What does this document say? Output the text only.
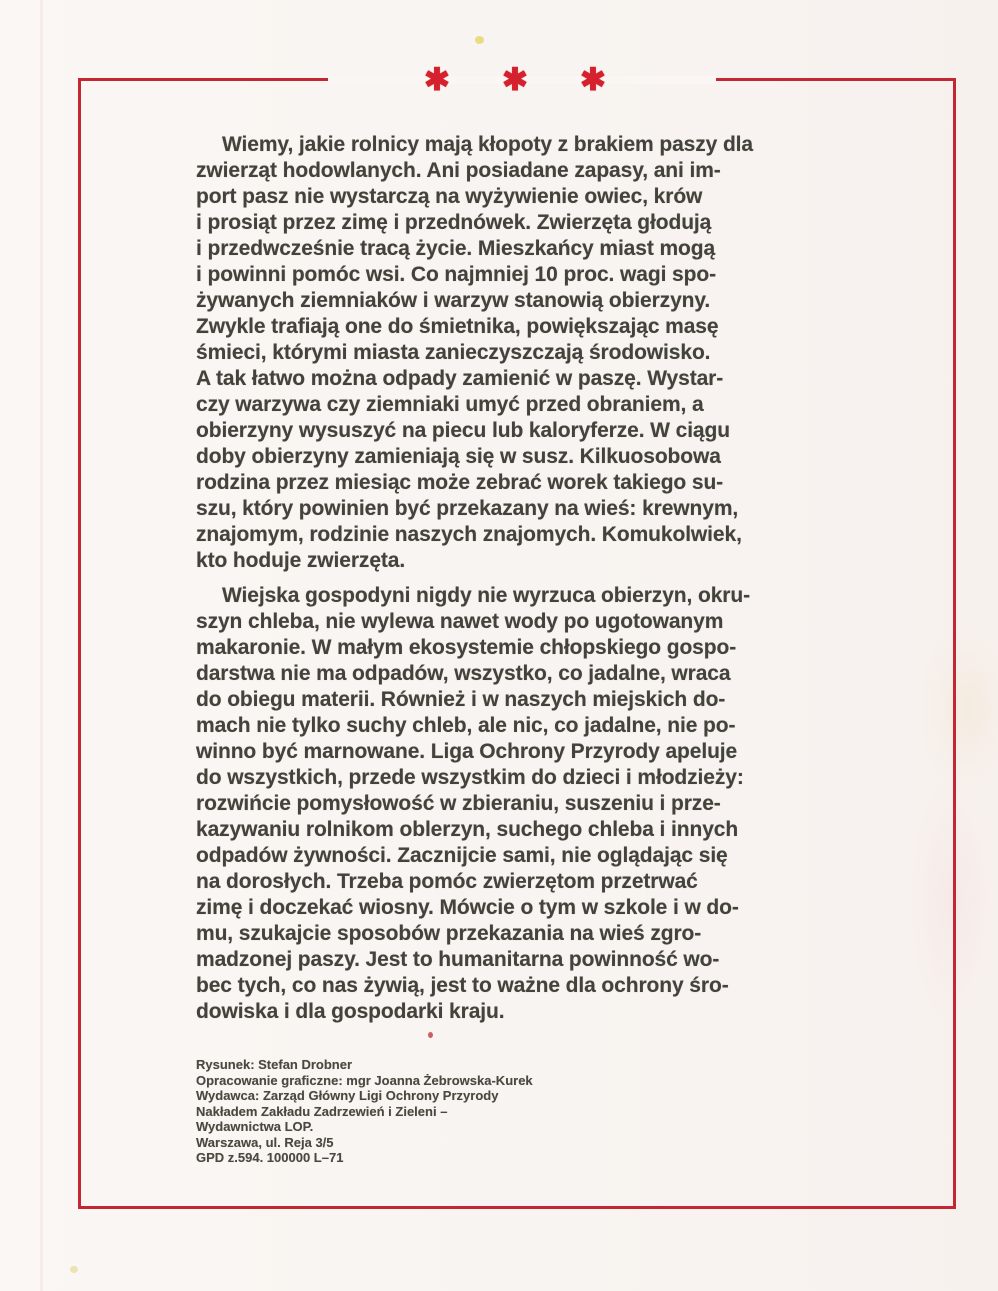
✱ ✱ ✱
Wiemy, jakie rolnicy mają kłopoty z brakiem paszy dla
zwierząt hodowlanych. Ani posiadane zapasy, ani im-
port pasz nie wystarczą na wyżywienie owiec, krów
i prosiąt przez zimę i przednówek. Zwierzęta głodują
i przedwcześnie tracą życie. Mieszkańcy miast mogą
i powinni pomóc wsi. Co najmniej 10 proc. wagi spo-
żywanych ziemniaków i warzyw stanowią obierzyny.
Zwykle trafiają one do śmietnika, powiększając masę
śmieci, którymi miasta zanieczyszczają środowisko.
A tak łatwo można odpady zamienić w paszę. Wystar-
czy warzywa czy ziemniaki umyć przed obraniem, a
obierzyny wysuszyć na piecu lub kaloryferze. W ciągu
doby obierzyny zamieniają się w susz. Kilkuosobowa
rodzina przez miesiąc może zebrać worek takiego su-
szu, który powinien być przekazany na wieś: krewnym,
znajomym, rodzinie naszych znajomych. Komukolwiek,
kto hoduje zwierzęta.
Wiejska gospodyni nigdy nie wyrzuca obierzyn, okru-
szyn chleba, nie wylewa nawet wody po ugotowanym
makaronie. W małym ekosystemie chłopskiego gospo-
darstwa nie ma odpadów, wszystko, co jadalne, wraca
do obiegu materii. Również i w naszych miejskich do-
mach nie tylko suchy chleb, ale nic, co jadalne, nie po-
winno być marnowane. Liga Ochrony Przyrody apeluje
do wszystkich, przede wszystkim do dzieci i młodzieży:
rozwińcie pomysłowość w zbieraniu, suszeniu i prze-
kazywaniu rolnikom oblerzyn, suchego chleba i innych
odpadów żywności. Zacznijcie sami, nie oglądając się
na dorosłych. Trzeba pomóc zwierzętom przetrwać
zimę i doczekać wiosny. Mówcie o tym w szkole i w do-
mu, szukajcie sposobów przekazania na wieś zgro-
madzonej paszy. Jest to humanitarna powinność wo-
bec tych, co nas żywią, jest to ważne dla ochrony śro-
dowiska i dla gospodarki kraju.
Rysunek: Stefan Drobner
Opracowanie graficzne: mgr Joanna Żebrowska-Kurek
Wydawca: Zarząd Główny Ligi Ochrony Przyrody
Nakładem Zakładu Zadrzewień i Zieleni –
Wydawnictwa LOP.
Warszawa, ul. Reja 3/5
GPD z.594. 100000 L–71
